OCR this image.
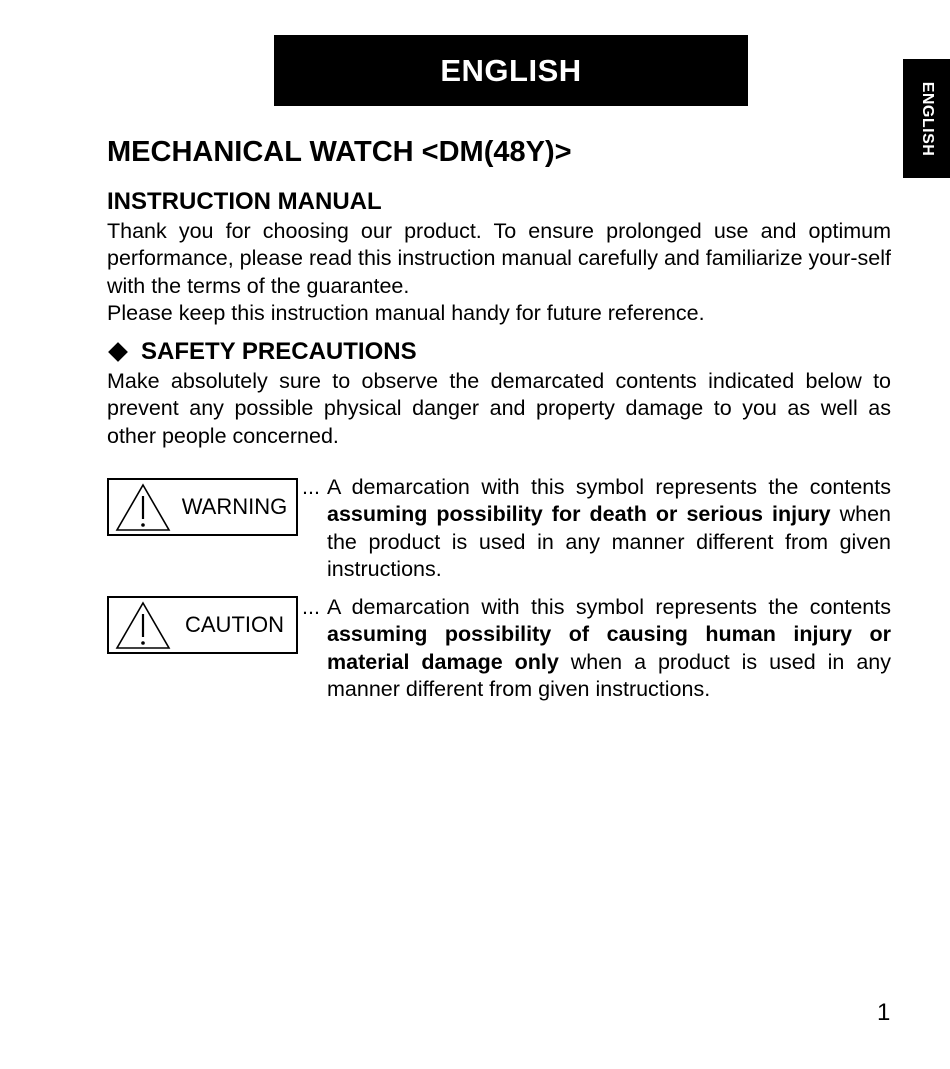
ENGLISH
ENGLISH
MECHANICAL WATCH <DM(48Y)>
INSTRUCTION MANUAL

Thank you for choosing our product. To ensure prolonged use and optimum performance, please read this instruction manual carefully and familiarize your-self with the terms of the guarantee.

Please keep this instruction manual handy for future reference.

SAFETY PRECAUTIONS

Make absolutely sure to observe the demarcated contents indicated below to prevent any possible physical danger and property damage to you as well as other people concerned.

WARNING
... A demarcation with this symbol represents the contents assuming possibility for death or serious injury when the product is used in any manner different from given instructions.

CAUTION
... A demarcation with this symbol represents the contents assuming possibility of causing human injury or material damage only when a product is used in any manner different from given instructions.

1
